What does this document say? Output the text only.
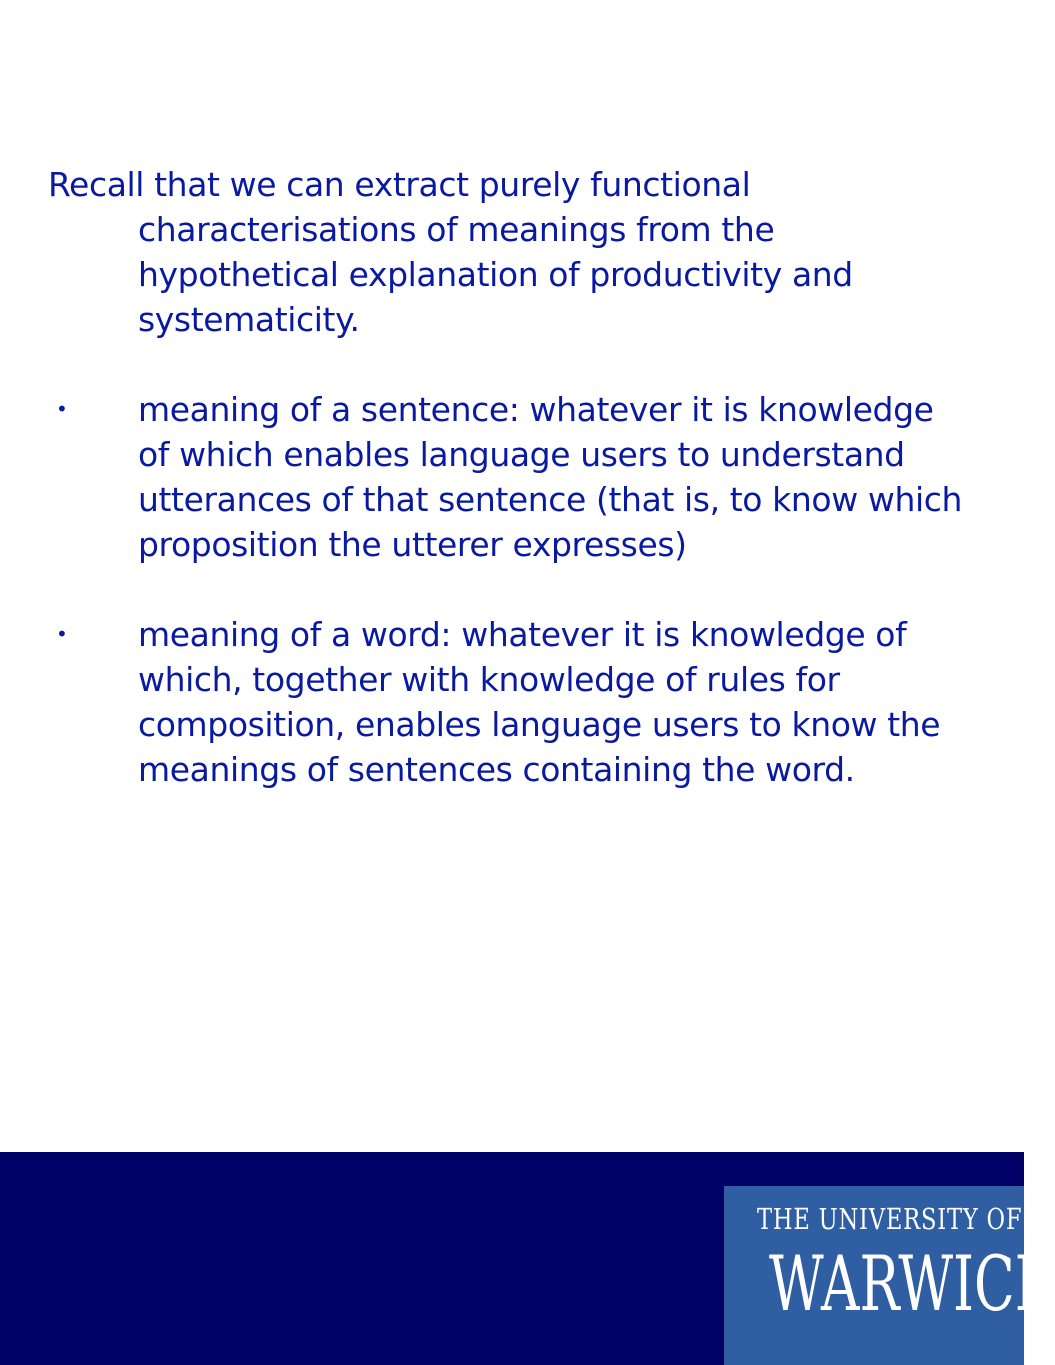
Recall that we can extract purely functional characterisations of meanings from the hypothetical explanation of productivity and systematicity.

• meaning of a sentence: whatever it is knowledge of which enables language users to understand utterances of that sentence (that is, to know which proposition the utterer expresses)
• meaning of a word: whatever it is knowledge of which, together with knowledge of rules for composition, enables language users to know the meanings of sentences containing the word.
THE UNIVERSITY OF
WARWICK
